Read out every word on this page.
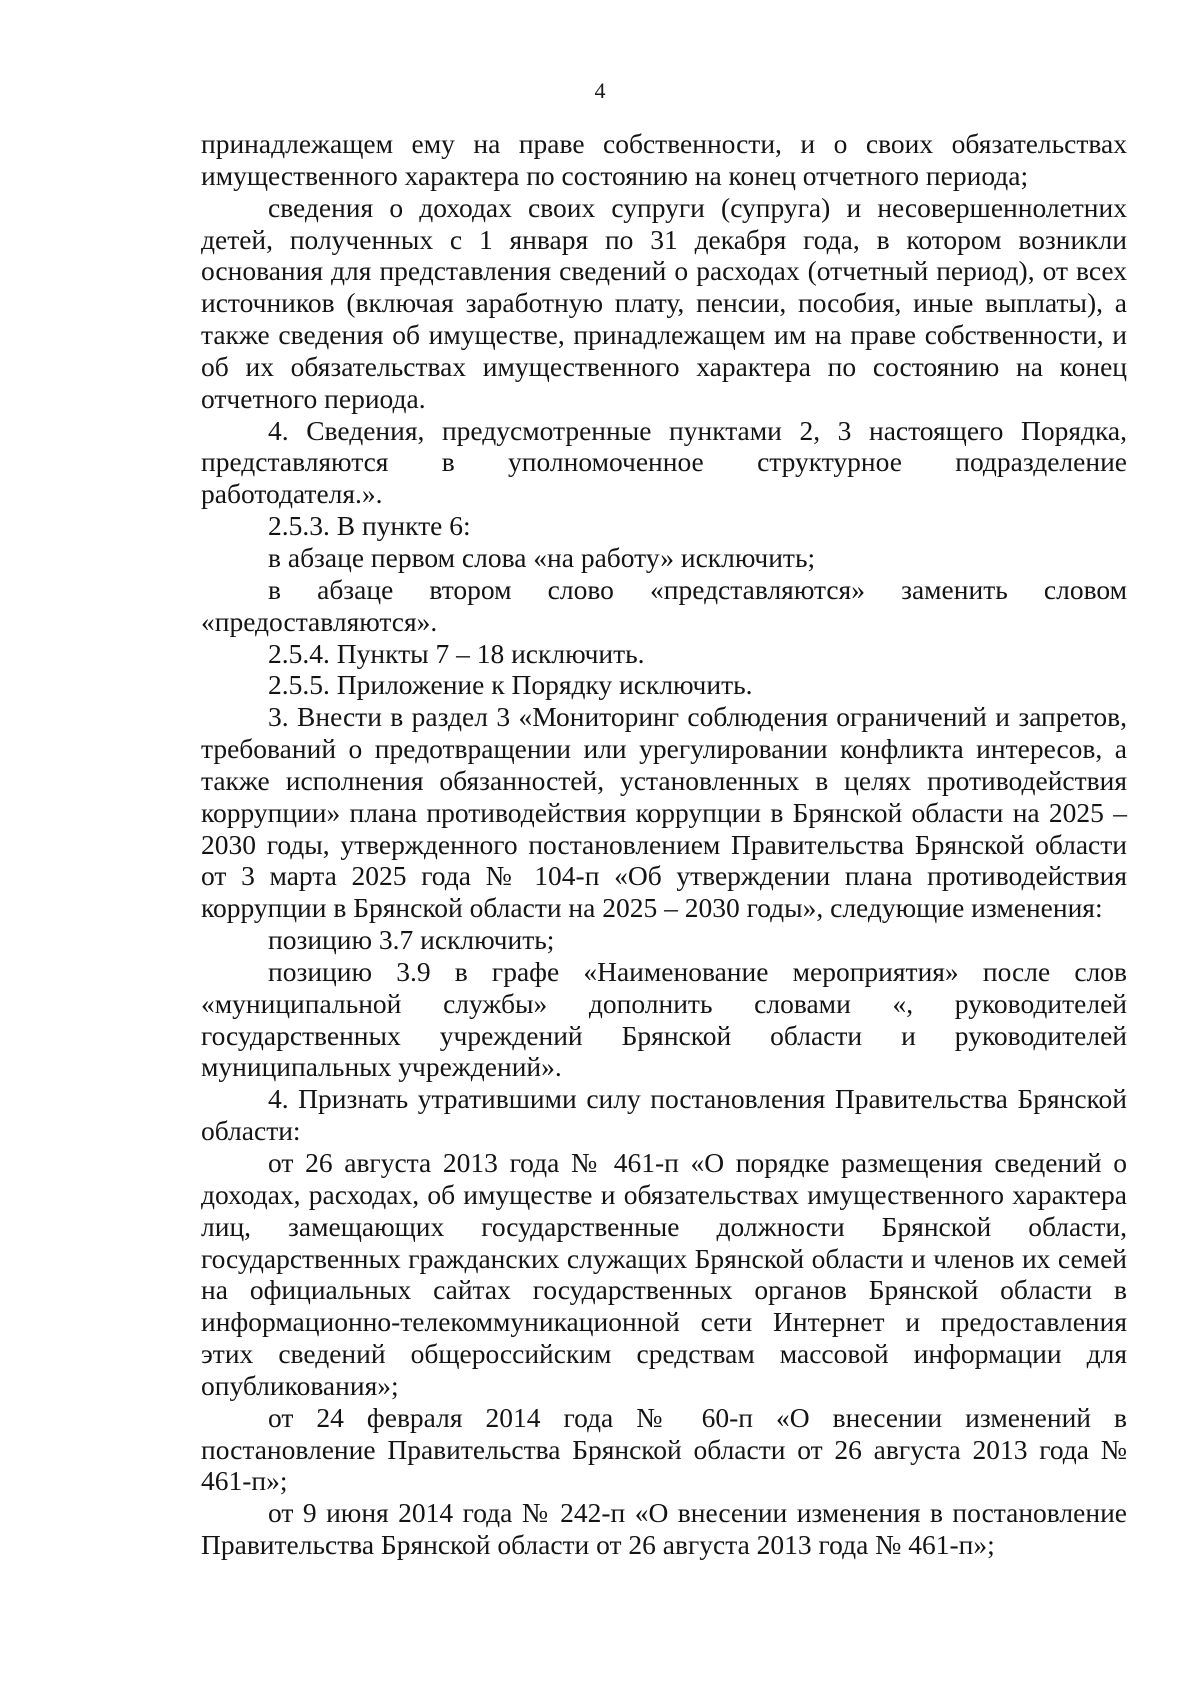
4

принадлежащем ему на праве собственности, и о своих обязательствах имущественного характера по состоянию на конец отчетного периода;

сведения о доходах своих супруги (супруга) и несовершеннолетних детей, полученных с 1 января по 31 декабря года, в котором возникли основания для представления сведений о расходах (отчетный период), от всех источников (включая заработную плату, пенсии, пособия, иные выплаты), а также сведения об имуществе, принадлежащем им на праве собственности, и об их обязательствах имущественного характера по состоянию на конец отчетного периода.

4. Сведения, предусмотренные пунктами 2, 3 настоящего Порядка, представляются в уполномоченное структурное подразделение работодателя.».

2.5.3. В пункте 6:

в абзаце первом слова «на работу» исключить;

в абзаце втором слово «представляются» заменить словом

«предоставляются».

2.5.4. Пункты 7 – 18 исключить.

2.5.5. Приложение к Порядку исключить.

3. Внести в раздел 3 «Мониторинг соблюдения ограничений и запретов, требований о предотвращении или урегулировании конфликта интересов, а также исполнения обязанностей, установленных в целях противодействия коррупции» плана противодействия коррупции в Брянской области на 2025 – 2030 годы, утвержденного постановлением Правительства Брянской области от 3 марта 2025 года № 104-п «Об утверждении плана противодействия коррупции в Брянской области на 2025 – 2030 годы», следующие изменения:

позицию 3.7 исключить;

позицию 3.9 в графе «Наименование мероприятия» после слов «муниципальной службы» дополнить словами «, руководителей государственных учреждений Брянской области и руководителей муниципальных учреждений».

4. Признать утратившими силу постановления Правительства Брянской области:

от 26 августа 2013 года № 461-п «О порядке размещения сведений о доходах, расходах, об имуществе и обязательствах имущественного характера лиц, замещающих государственные должности Брянской области, государственных гражданских служащих Брянской области и членов их семей на официальных сайтах государственных органов Брянской области в информационно-телекоммуникационной сети Интернет и предоставления этих сведений общероссийским средствам массовой информации для опубликования»;

от 24 февраля 2014 года № 60-п «О внесении изменений в постановление Правительства Брянской области от 26 августа 2013 года № 461-п»;

от 9 июня 2014 года № 242-п «О внесении изменения в постановление Правительства Брянской области от 26 августа 2013 года № 461-п»;
